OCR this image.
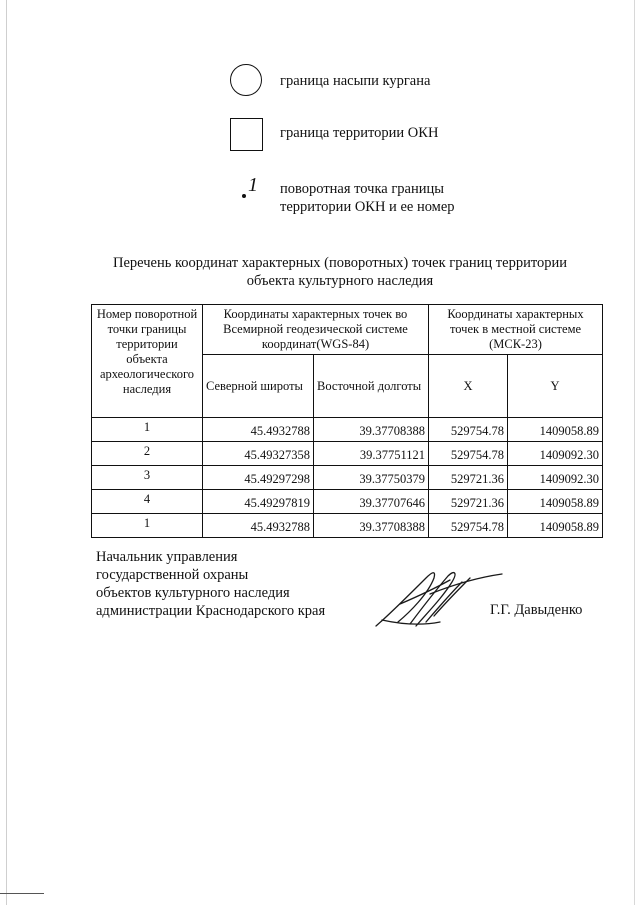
граница насыпи кургана
граница территории ОКН
1 поворотная точка границы
территории ОКН и ее номер
Перечень координат характерных (поворотных) точек границ территории
объекта культурного наследия
Номер поворотной точки границы территории объекта археологического наследия	Координаты характерных точек во Всемирной геодезической системе координат(WGS-84)		Координаты характерных точек в местной системе (МСК-23)	
	Северной широты	Восточной долготы	X	Y
1	45.4932788	39.37708388	529754.78	1409058.89
2	45.49327358	39.37751121	529754.78	1409092.30
3	45.49297298	39.37750379	529721.36	1409092.30
4	45.49297819	39.37707646	529721.36	1409058.89
1	45.4932788	39.37708388	529754.78	1409058.89
Начальник управления
государственной охраны
объектов культурного наследия
администрации Краснодарского края	Г.Г. Давыденко
